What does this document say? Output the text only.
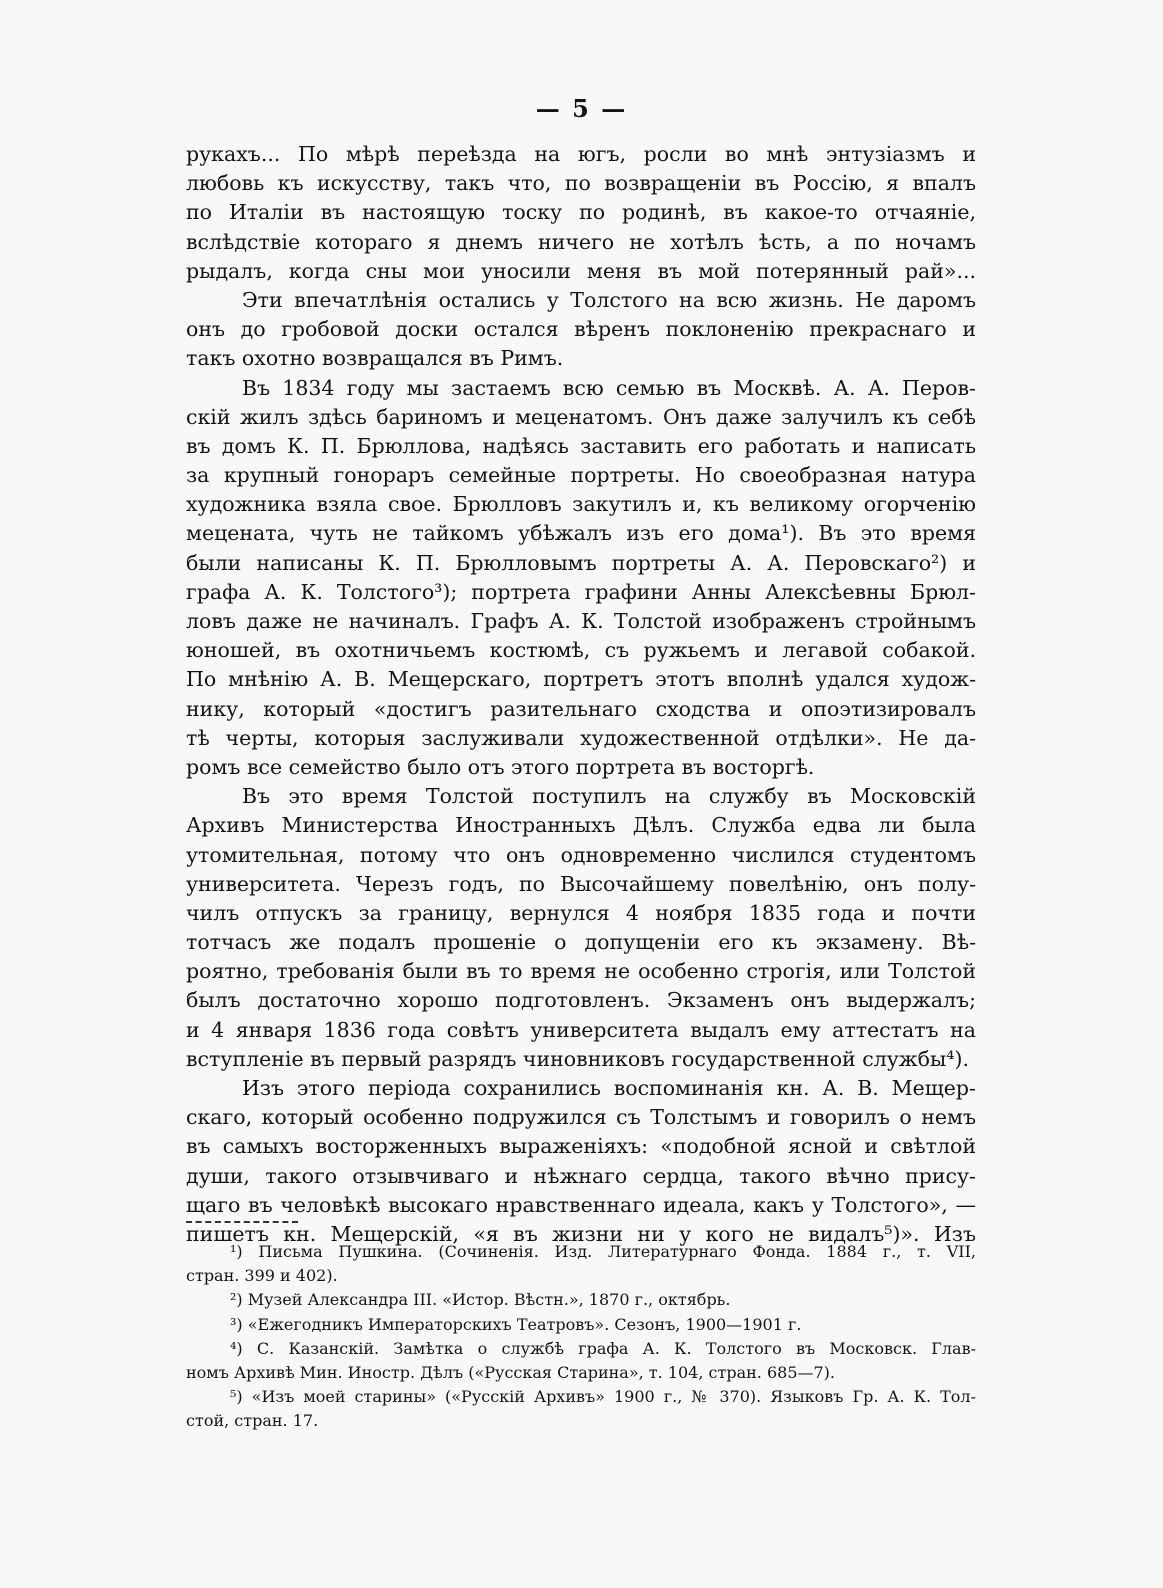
— 5 —
рукахъ... По мѣрѣ переѣзда на югъ, росли во мнѣ энтузіазмъ и
любовь къ искусству, такъ что, по возвращеніи въ Россію, я впалъ
по Италіи въ настоящую тоску по родинѣ, въ какое-то отчаяніе,
вслѣдствіе котораго я днемъ ничего не хотѣлъ ѣсть, а по ночамъ
рыдалъ, когда сны мои уносили меня въ мой потерянный рай»...
Эти впечатлѣнія остались у Толстого на всю жизнь. Не даромъ
онъ до гробовой доски остался вѣренъ поклоненію прекраснаго и
такъ охотно возвращался въ Римъ.
Въ 1834 году мы застаемъ всю семью въ Москвѣ. А. А. Перов-
скій жилъ здѣсь бариномъ и меценатомъ. Онъ даже залучилъ къ себѣ
въ домъ К. П. Брюллова, надѣясь заставить его работать и написать
за крупный гонораръ семейные портреты. Но своеобразная натура
художника взяла свое. Брюлловъ закутилъ и, къ великому огорченію
мецената, чуть не тайкомъ убѣжалъ изъ его дома¹). Въ это время
были написаны К. П. Брюлловымъ портреты А. А. Перовскаго²) и
графа А. К. Толстого³); портрета графини Анны Алексѣевны Брюл-
ловъ даже не начиналъ. Графъ А. К. Толстой изображенъ стройнымъ
юношей, въ охотничьемъ костюмѣ, съ ружьемъ и легавой собакой.
По мнѣнію А. В. Мещерскаго, портретъ этотъ вполнѣ удался худож-
нику, который «достигъ разительнаго сходства и опоэтизировалъ
тѣ черты, которыя заслуживали художественной отдѣлки». Не да-
ромъ все семейство было отъ этого портрета въ восторгѣ.
Въ это время Толстой поступилъ на службу въ Московскій
Архивъ Министерства Иностранныхъ Дѣлъ. Служба едва ли была
утомительная, потому что онъ одновременно числился студентомъ
университета. Черезъ годъ, по Высочайшему повелѣнію, онъ полу-
чилъ отпускъ за границу, вернулся 4 ноября 1835 года и почти
тотчасъ же подалъ прошеніе о допущеніи его къ экзамену. Вѣ-
роятно, требованія были въ то время не особенно строгія, или Толстой
былъ достаточно хорошо подготовленъ. Экзаменъ онъ выдержалъ;
и 4 января 1836 года совѣтъ университета выдалъ ему аттестатъ на
вступленіе въ первый разрядъ чиновниковъ государственной службы⁴).
Изъ этого періода сохранились воспоминанія кн. А. В. Мещер-
скаго, который особенно подружился съ Толстымъ и говорилъ о немъ
въ самыхъ восторженныхъ выраженіяхъ: «подобной ясной и свѣтлой
души, такого отзывчиваго и нѣжнаго сердца, такого вѣчно прису-
щаго въ человѣкѣ высокаго нравственнаго идеала, какъ у Толстого», —
пишетъ кн. Мещерскій, «я въ жизни ни у кого не видалъ⁵)». Изъ
¹) Письма Пушкина. (Сочиненія. Изд. Литературнаго Фонда. 1884 г., т. VII,
стран. 399 и 402).
²) Музей Александра III. «Истор. Вѣстн.», 1870 г., октябрь.
³) «Ежегодникъ Императорскихъ Театровъ». Сезонъ, 1900—1901 г.
⁴) С. Казанскій. Замѣтка о службѣ графа А. К. Толстого въ Московск. Глав-
номъ Архивѣ Мин. Иностр. Дѣлъ («Русская Старина», т. 104, стран. 685—7).
⁵) «Изъ моей старины» («Русскій Архивъ» 1900 г., № 370). Языковъ Гр. А. К. Тол-
стой, стран. 17.
